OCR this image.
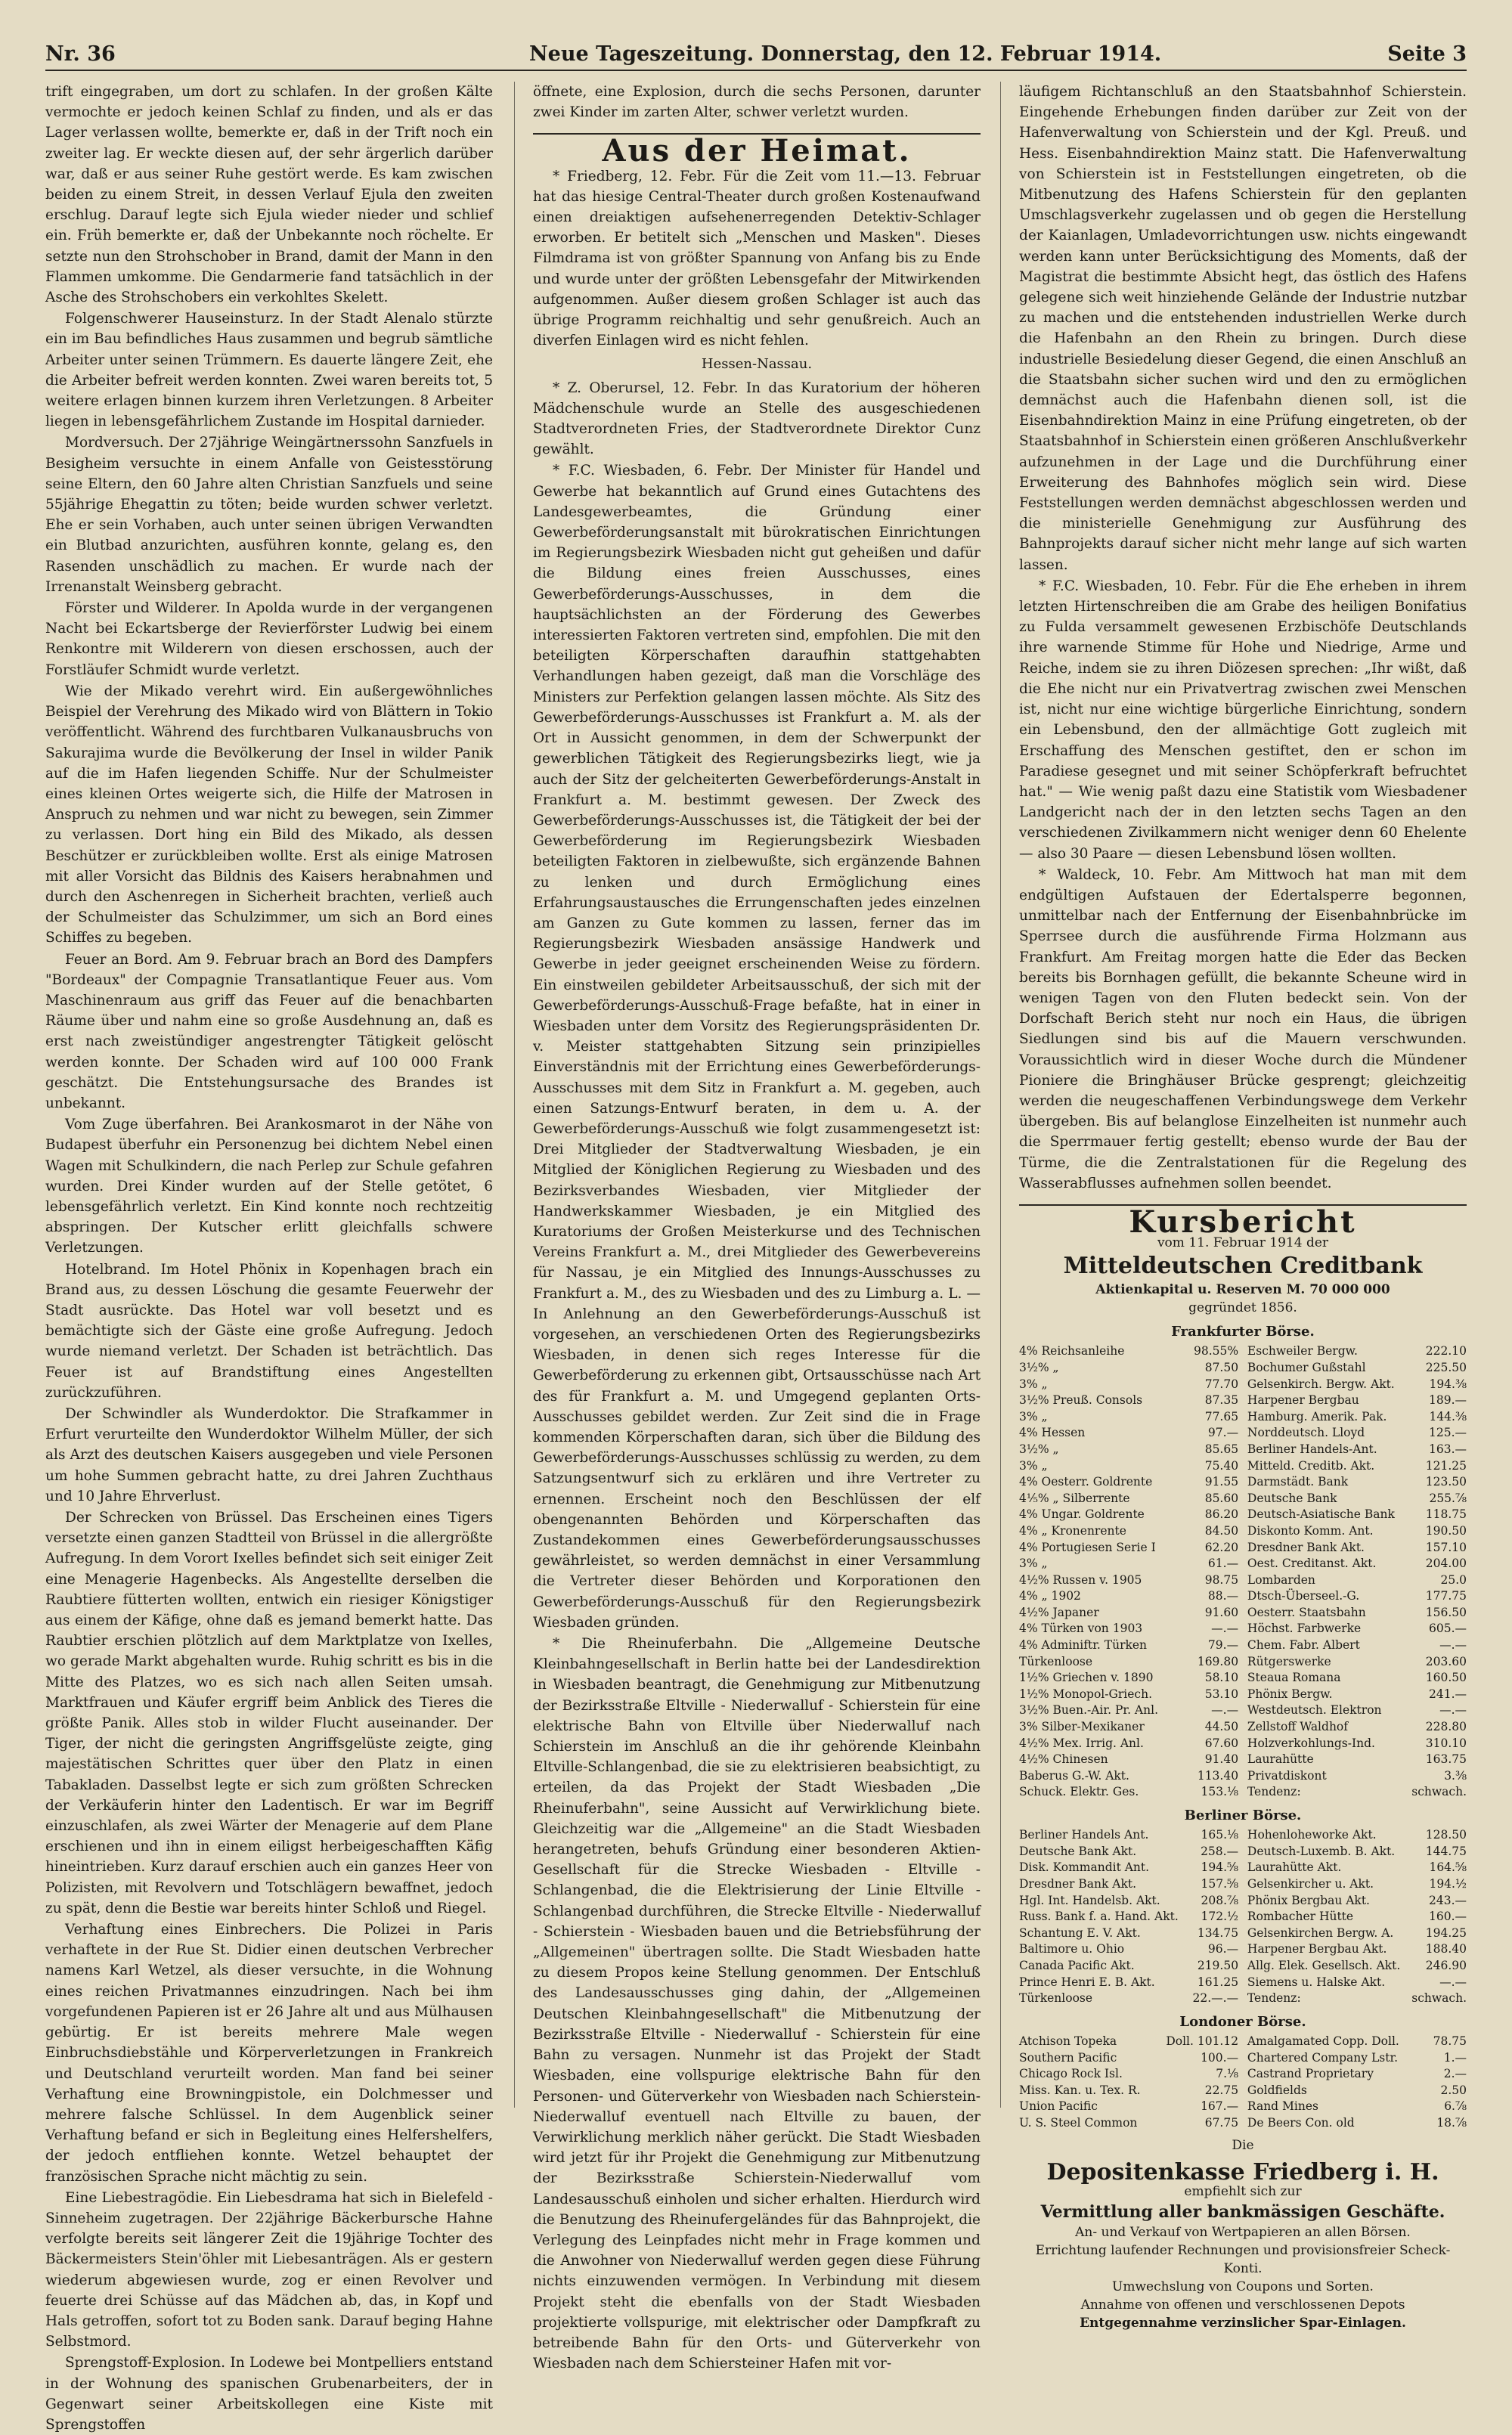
Nr. 36	Neue Tageszeitung. Donnerstag, den 12. Februar 1914.	Seite 3

trift eingegraben, um dort zu schlafen. In der großen Kälte vermochte er jedoch keinen Schlaf zu finden, und als er das Lager verlassen wollte, bemerkte er, daß in der Trift noch ein zweiter lag. Er weckte diesen auf, der sehr ärgerlich darüber war, daß er aus seiner Ruhe gestört werde. Es kam zwischen beiden zu einem Streit, in dessen Verlauf Ejula den zweiten erschlug. Darauf legte sich Ejula wieder nieder und schlief ein. Früh bemerkte er, daß der Unbekannte noch röchelte. Er setzte nun den Strohschober in Brand, damit der Mann in den Flammen umkomme. Die Gendarmerie fand tatsächlich in der Asche des Strohschobers ein verkohltes Skelett.

Folgenschwerer Hauseinsturz. In der Stadt Alenalo stürzte ein im Bau befindliches Haus zusammen und begrub sämtliche Arbeiter unter seinen Trümmern. Es dauerte längere Zeit, ehe die Arbeiter befreit werden konnten. Zwei waren bereits tot, 5 weitere erlagen binnen kurzem ihren Verletzungen. 8 Arbeiter liegen in lebensgefährlichem Zustande im Hospital darnieder.

Mordversuch. Der 27jährige Weingärtnerssohn Sanzfuels in Besigheim versuchte in einem Anfalle von Geistesstörung seine Eltern, den 60 Jahre alten Christian Sanzfuels und seine 55jährige Ehegattin zu töten; beide wurden schwer verletzt. Ehe er sein Vorhaben, auch unter seinen übrigen Verwandten ein Blutbad anzurichten, ausführen konnte, gelang es, den Rasenden unschädlich zu machen. Er wurde nach der Irrenanstalt Weinsberg gebracht.

Förster und Wilderer. In Apolda wurde in der vergangenen Nacht bei Eckartsberge der Revierförster Ludwig bei einem Renkontre mit Wilderern von diesen erschossen, auch der Forstläufer Schmidt wurde verletzt.

Wie der Mikado verehrt wird. Ein außergewöhnliches Beispiel der Verehrung des Mikado wird von Blättern in Tokio veröffentlicht. Während des furchtbaren Vulkanausbruchs von Sakurajima wurde die Bevölkerung der Insel in wilder Panik auf die im Hafen liegenden Schiffe. Nur der Schulmeister eines kleinen Ortes weigerte sich, die Hilfe der Matrosen in Anspruch zu nehmen und war nicht zu bewegen, sein Zimmer zu verlassen. Dort hing ein Bild des Mikado, als dessen Beschützer er zurückbleiben wollte. Erst als einige Matrosen mit aller Vorsicht das Bildnis des Kaisers herabnahmen und durch den Aschenregen in Sicherheit brachten, verließ auch der Schulmeister das Schulzimmer, um sich an Bord eines Schiffes zu begeben.

Feuer an Bord. Am 9. Februar brach an Bord des Dampfers "Bordeaux" der Compagnie Transatlantique Feuer aus. Vom Maschinenraum aus griff das Feuer auf die benachbarten Räume über und nahm eine so große Ausdehnung an, daß es erst nach zweistündiger angestrengter Tätigkeit gelöscht werden konnte. Der Schaden wird auf 100 000 Frank geschätzt. Die Entstehungsursache des Brandes ist unbekannt.

Vom Zuge überfahren. Bei Arankosmarot in der Nähe von Budapest überfuhr ein Personenzug bei dichtem Nebel einen Wagen mit Schulkindern, die nach Perlep zur Schule gefahren wurden. Drei Kinder wurden auf der Stelle getötet, 6 lebensgefährlich verletzt. Ein Kind konnte noch rechtzeitig abspringen. Der Kutscher erlitt gleichfalls schwere Verletzungen.

Hotelbrand. Im Hotel Phönix in Kopenhagen brach ein Brand aus, zu dessen Löschung die gesamte Feuerwehr der Stadt ausrückte. Das Hotel war voll besetzt und es bemächtigte sich der Gäste eine große Aufregung. Jedoch wurde niemand verletzt. Der Schaden ist beträchtlich. Das Feuer ist auf Brandstiftung eines Angestellten zurückzuführen.

Der Schwindler als Wunderdoktor. Die Strafkammer in Erfurt verurteilte den Wunderdoktor Wilhelm Müller, der sich als Arzt des deutschen Kaisers ausgegeben und viele Personen um hohe Summen gebracht hatte, zu drei Jahren Zuchthaus und 10 Jahre Ehrverlust.

Der Schrecken von Brüssel. Das Erscheinen eines Tigers versetzte einen ganzen Stadtteil von Brüssel in die allergrößte Aufregung. In dem Vorort Ixelles befindet sich seit einiger Zeit eine Menagerie Hagenbecks. Als Angestellte derselben die Raubtiere fütterten wollten, entwich ein riesiger Königstiger aus einem der Käfige, ohne daß es jemand bemerkt hatte. Das Raubtier erschien plötzlich auf dem Marktplatze von Ixelles, wo gerade Markt abgehalten wurde. Ruhig schritt es bis in die Mitte des Platzes, wo es sich nach allen Seiten umsah. Marktfrauen und Käufer ergriff beim Anblick des Tieres die größte Panik. Alles stob in wilder Flucht auseinander. Der Tiger, der nicht die geringsten Angriffsgelüste zeigte, ging majestätischen Schrittes quer über den Platz in einen Tabakladen. Dasselbst legte er sich zum größten Schrecken der Verkäuferin hinter den Ladentisch. Er war im Begriff einzuschlafen, als zwei Wärter der Menagerie auf dem Plane erschienen und ihn in einem eiligst herbeigeschafften Käfig hineintrieben. Kurz darauf erschien auch ein ganzes Heer von Polizisten, mit Revolvern und Totschlägern bewaffnet, jedoch zu spät, denn die Bestie war bereits hinter Schloß und Riegel.

Verhaftung eines Einbrechers. Die Polizei in Paris verhaftete in der Rue St. Didier einen deutschen Verbrecher namens Karl Wetzel, als dieser versuchte, in die Wohnung eines reichen Privatmannes einzudringen. Nach bei ihm vorgefundenen Papieren ist er 26 Jahre alt und aus Mülhausen gebürtig. Er ist bereits mehrere Male wegen Einbruchsdiebstähle und Körperverletzungen in Frankreich und Deutschland verurteilt worden. Man fand bei seiner Verhaftung eine Browningpistole, ein Dolchmesser und mehrere falsche Schlüssel. In dem Augenblick seiner Verhaftung befand er sich in Begleitung eines Helfershelfers, der jedoch entfliehen konnte. Wetzel behauptet der französischen Sprache nicht mächtig zu sein.

Eine Liebestragödie. Ein Liebesdrama hat sich in Bielefeld - Sinneheim zugetragen. Der 22jährige Bäckerbursche Hahne verfolgte bereits seit längerer Zeit die 19jährige Tochter des Bäckermeisters Stein'öhler mit Liebesanträgen. Als er gestern wiederum abgewiesen wurde, zog er einen Revolver und feuerte drei Schüsse auf das Mädchen ab, das, in Kopf und Hals getroffen, sofort tot zu Boden sank. Darauf beging Hahne Selbstmord.

Sprengstoff-Explosion. In Lodewe bei Montpelliers entstand in der Wohnung des spanischen Grubenarbeiters, der in Gegenwart seiner Arbeitskollegen eine Kiste mit Sprengstoffen

öffnete, eine Explosion, durch die sechs Personen, darunter zwei Kinder im zarten Alter, schwer verletzt wurden.

Aus der Heimat.

* Friedberg, 12. Febr. Für die Zeit vom 11.—13. Februar hat das hiesige Central-Theater durch großen Kostenaufwand einen dreiaktigen aufsehenerregenden Detektiv-Schlager erworben. Er betitelt sich „Menschen und Masken". Dieses Filmdrama ist von größter Spannung von Anfang bis zu Ende und wurde unter der größten Lebensgefahr der Mitwirkenden aufgenommen. Außer diesem großen Schlager ist auch das übrige Programm reichhaltig und sehr genußreich. Auch an diverfen Einlagen wird es nicht fehlen.

Hessen-Nassau.

* Z. Oberursel, 12. Febr. In das Kuratorium der höheren Mädchenschule wurde an Stelle des ausgeschiedenen Stadtverordneten Fries, der Stadtverordnete Direktor Cunz gewählt.

* F.C. Wiesbaden, 6. Febr. Der Minister für Handel und Gewerbe hat bekanntlich auf Grund eines Gutachtens des Landesgewerbeamtes, die Gründung einer Gewerbeförderungsanstalt mit bürokratischen Einrichtungen im Regierungsbezirk Wiesbaden nicht gut geheißen und dafür die Bildung eines freien Ausschusses, eines Gewerbeförderungs-Ausschusses, in dem die hauptsächlichsten an der Förderung des Gewerbes interessierten Faktoren vertreten sind, empfohlen. Die mit den beteiligten Körperschaften daraufhin stattgehabten Verhandlungen haben gezeigt, daß man die Vorschläge des Ministers zur Perfektion gelangen lassen möchte. Als Sitz des Gewerbeförderungs-Ausschusses ist Frankfurt a. M. als der Ort in Aussicht genommen, in dem der Schwerpunkt der gewerblichen Tätigkeit des Regierungsbezirks liegt, wie ja auch der Sitz der gelcheiterten Gewerbeförderungs-Anstalt in Frankfurt a. M. bestimmt gewesen. Der Zweck des Gewerbeförderungs-Ausschusses ist, die Tätigkeit der bei der Gewerbeförderung im Regierungsbezirk Wiesbaden beteiligten Faktoren in zielbewußte, sich ergänzende Bahnen zu lenken und durch Ermöglichung eines Erfahrungsaustausches die Errungenschaften jedes einzelnen am Ganzen zu Gute kommen zu lassen, ferner das im Regierungsbezirk Wiesbaden ansässige Handwerk und Gewerbe in jeder geeignet erscheinenden Weise zu fördern. Ein einstweilen gebildeter Arbeitsausschuß, der sich mit der Gewerbeförderungs-Ausschuß-Frage befaßte, hat in einer in Wiesbaden unter dem Vorsitz des Regierungspräsidenten Dr. v. Meister stattgehabten Sitzung sein prinzipielles Einverständnis mit der Errichtung eines Gewerbeförderungs-Ausschusses mit dem Sitz in Frankfurt a. M. gegeben, auch einen Satzungs-Entwurf beraten, in dem u. A. der Gewerbeförderungs-Ausschuß wie folgt zusammengesetzt ist: Drei Mitglieder der Stadtverwaltung Wiesbaden, je ein Mitglied der Königlichen Regierung zu Wiesbaden und des Bezirksverbandes Wiesbaden, vier Mitglieder der Handwerkskammer Wiesbaden, je ein Mitglied des Kuratoriums der Großen Meisterkurse und des Technischen Vereins Frankfurt a. M., drei Mitglieder des Gewerbevereins für Nassau, je ein Mitglied des Innungs-Ausschusses zu Frankfurt a. M., des zu Wiesbaden und des zu Limburg a. L. — In Anlehnung an den Gewerbeförderungs-Ausschuß ist vorgesehen, an verschiedenen Orten des Regierungsbezirks Wiesbaden, in denen sich reges Interesse für die Gewerbeförderung zu erkennen gibt, Ortsausschüsse nach Art des für Frankfurt a. M. und Umgegend geplanten Orts-Ausschusses gebildet werden. Zur Zeit sind die in Frage kommenden Körperschaften daran, sich über die Bildung des Gewerbeförderungs-Ausschusses schlüssig zu werden, zu dem Satzungsentwurf sich zu erklären und ihre Vertreter zu ernennen. Erscheint noch den Beschlüssen der elf obengenannten Behörden und Körperschaften das Zustandekommen eines Gewerbeförderungsausschusses gewährleistet, so werden demnächst in einer Versammlung die Vertreter dieser Behörden und Korporationen den Gewerbeförderungs-Ausschuß für den Regierungsbezirk Wiesbaden gründen.

* Die Rheinuferbahn. Die „Allgemeine Deutsche Kleinbahngesellschaft in Berlin hatte bei der Landesdirektion in Wiesbaden beantragt, die Genehmigung zur Mitbenutzung der Bezirksstraße Eltville - Niederwalluf - Schierstein für eine elektrische Bahn von Eltville über Niederwalluf nach Schierstein im Anschluß an die ihr gehörende Kleinbahn Eltville-Schlangenbad, die sie zu elektrisieren beabsichtigt, zu erteilen, da das Projekt der Stadt Wiesbaden „Die Rheinuferbahn", seine Aussicht auf Verwirklichung biete. Gleichzeitig war die „Allgemeine" an die Stadt Wiesbaden herangetreten, behufs Gründung einer besonderen Aktien-Gesellschaft für die Strecke Wiesbaden - Eltville - Schlangenbad, die die Elektrisierung der Linie Eltville - Schlangenbad durchführen, die Strecke Eltville - Niederwalluf - Schierstein - Wiesbaden bauen und die Betriebsführung der „Allgemeinen" übertragen sollte. Die Stadt Wiesbaden hatte zu diesem Propos keine Stellung genommen. Der Entschluß des Landesausschusses ging dahin, der „Allgemeinen Deutschen Kleinbahngesellschaft" die Mitbenutzung der Bezirksstraße Eltville - Niederwalluf - Schierstein für eine Bahn zu versagen. Nunmehr ist das Projekt der Stadt Wiesbaden, eine vollspurige elektrische Bahn für den Personen- und Güterverkehr von Wiesbaden nach Schierstein-Niederwalluf eventuell nach Eltville zu bauen, der Verwirklichung merklich näher gerückt. Die Stadt Wiesbaden wird jetzt für ihr Projekt die Genehmigung zur Mitbenutzung der Bezirksstraße Schierstein-Niederwalluf vom Landesausschuß einholen und sicher erhalten. Hierdurch wird die Benutzung des Rheinufergeländes für das Bahnprojekt, die Verlegung des Leinpfades nicht mehr in Frage kommen und die Anwohner von Niederwalluf werden gegen diese Führung nichts einzuwenden vermögen. In Verbindung mit diesem Projekt steht die ebenfalls von der Stadt Wiesbaden projektierte vollspurige, mit elektrischer oder Dampfkraft zu betreibende Bahn für den Orts- und Güterverkehr von Wiesbaden nach dem Schiersteiner Hafen mit vor-

läufigem Richtanschluß an den Staatsbahnhof Schierstein. Eingehende Erhebungen finden darüber zur Zeit von der Hafenverwaltung von Schierstein und der Kgl. Preuß. und Hess. Eisenbahndirektion Mainz statt. Die Hafenverwaltung von Schierstein ist in Feststellungen eingetreten, ob die Mitbenutzung des Hafens Schierstein für den geplanten Umschlagsverkehr zugelassen und ob gegen die Herstellung der Kaianlagen, Umladevorrichtungen usw. nichts eingewandt werden kann unter Berücksichtigung des Moments, daß der Magistrat die bestimmte Absicht hegt, das östlich des Hafens gelegene sich weit hinziehende Gelände der Industrie nutzbar zu machen und die entstehenden industriellen Werke durch die Hafenbahn an den Rhein zu bringen. Durch diese industrielle Besiedelung dieser Gegend, die einen Anschluß an die Staatsbahn sicher suchen wird und den zu ermöglichen demnächst auch die Hafenbahn dienen soll, ist die Eisenbahndirektion Mainz in eine Prüfung eingetreten, ob der Staatsbahnhof in Schierstein einen größeren Anschlußverkehr aufzunehmen in der Lage und die Durchführung einer Erweiterung des Bahnhofes möglich sein wird. Diese Feststellungen werden demnächst abgeschlossen werden und die ministerielle Genehmigung zur Ausführung des Bahnprojekts darauf sicher nicht mehr lange auf sich warten lassen.

* F.C. Wiesbaden, 10. Febr. Für die Ehe erheben in ihrem letzten Hirtenschreiben die am Grabe des heiligen Bonifatius zu Fulda versammelt gewesenen Erzbischöfe Deutschlands ihre warnende Stimme für Hohe und Niedrige, Arme und Reiche, indem sie zu ihren Diözesen sprechen: „Ihr wißt, daß die Ehe nicht nur ein Privatvertrag zwischen zwei Menschen ist, nicht nur eine wichtige bürgerliche Einrichtung, sondern ein Lebensbund, den der allmächtige Gott zugleich mit Erschaffung des Menschen gestiftet, den er schon im Paradiese gesegnet und mit seiner Schöpferkraft befruchtet hat." — Wie wenig paßt dazu eine Statistik vom Wiesbadener Landgericht nach der in den letzten sechs Tagen an den verschiedenen Zivilkammern nicht weniger denn 60 Ehelente — also 30 Paare — diesen Lebensbund lösen wollten.

* Waldeck, 10. Febr. Am Mittwoch hat man mit dem endgültigen Aufstauen der Edertalsperre begonnen, unmittelbar nach der Entfernung der Eisenbahnbrücke im Sperrsee durch die ausführende Firma Holzmann aus Frankfurt. Am Freitag morgen hatte die Eder das Becken bereits bis Bornhagen gefüllt, die bekannte Scheune wird in wenigen Tagen von den Fluten bedeckt sein. Von der Dorfschaft Berich steht nur noch ein Haus, die übrigen Siedlungen sind bis auf die Mauern verschwunden. Voraussichtlich wird in dieser Woche durch die Mündener Pioniere die Bringhäuser Brücke gesprengt; gleichzeitig werden die neugeschaffenen Verbindungswege dem Verkehr übergeben. Bis auf belanglose Einzelheiten ist nunmehr auch die Sperrmauer fertig gestellt; ebenso wurde der Bau der Türme, die die Zentralstationen für die Regelung des Wasserabflusses aufnehmen sollen beendet.

Kursbericht
vom 11. Februar 1914 der
Mitteldeutschen Creditbank
Aktienkapital u. Reserven M. 70 000 000
gegründet 1856.
Frankfurter Börse.
4% Reichsanleihe	98.55%
3½% „	87.50
3% „	77.70
3½% Preuß. Consols	87.35
3% „	77.65
4% Hessen	97.—
3½% „	85.65
3% „	75.40
4% Oesterr. Goldrente	91.55
4⅕% „ Silberrente	85.60
4% Ungar. Goldrente	86.20
4% „ Kronenrente	84.50
4% Portugiesen Serie I	62.20
3% „	61.—
4½% Russen v. 1905	98.75
4% „ 1902	88.—
4½% Japaner	91.60
4% Türken von 1903	—.—
4% Adminiftr. Türken	79.—
Türkenloose	169.80
1½% Griechen v. 1890	58.10
1½% Monopol-Griech.	53.10
3½% Buen.-Air. Pr. Anl.	—.—
3% Silber-Mexikaner	44.50
4½% Mex. Irrig. Anl.	67.60
4½% Chinesen	91.40
Baberus G.-W. Akt.	113.40
Schuck. Elektr. Ges.	153.⅛
Eschweiler Bergw.	222.10
Bochumer Gußstahl	225.50
Gelsenkirch. Bergw. Akt.	194.⅜
Harpener Bergbau	189.—
Hamburg. Amerik. Pak.	144.⅜
Norddeutsch. Lloyd	125.—
Berliner Handels-Ant.	163.—
Mitteld. Creditb. Akt.	121.25
Darmstädt. Bank	123.50
Deutsche Bank	255.⅞
Deutsch-Asiatische Bank	118.75
Diskonto Komm. Ant.	190.50
Dresdner Bank Akt.	157.10
Oest. Creditanst. Akt.	204.00
Lombarden	25.0
Dtsch-Überseel.-G.	177.75
Oesterr. Staatsbahn	156.50
Höchst. Farbwerke	605.—
Chem. Fabr. Albert	—.—
Rütgerswerke	203.60
Steaua Romana	160.50
Phönix Bergw.	241.—
Westdeutsch. Elektron	—.—
Zellstoff Waldhof	228.80
Holzverkohlungs-Ind.	310.10
Laurahütte	163.75
Privatdiskont	3.⅜
Tendenz:	schwach.
Berliner Börse.
Berliner Handels Ant.	165.⅛
Deutsche Bank Akt.	258.—
Disk. Kommandit Ant.	194.⅝
Dresdner Bank Akt.	157.⅝
Hgl. Int. Handelsb. Akt.	208.⅞
Russ. Bank f. a. Hand. Akt. 172.½
Schantung E. V. Akt.	134.75
Baltimore u. Ohio	96.—
Canada Pacific Akt.	219.50
Prince Henri E. B. Akt.	161.25
Türkenloose	22.—.—
Hohenloheworke Akt.	128.50
Deutsch-Luxemb. B. Akt.	144.75
Laurahütte Akt.	164.⅝
Gelsenkircher u. Akt.	194.½
Phönix Bergbau Akt.	243.—
Rombacher Hütte	160.—
Gelsenkirchen Bergw. A.	194.25
Harpener Bergbau Akt.	188.40
Allg. Elek. Gesellsch. Akt. 246.90
Siemens u. Halske Akt.	—.—
Tendenz:	schwach.
Londoner Börse.
Atchison Topeka	Doll. 101.12
Southern Pacific	100.—
Chicago Rock Isl.	7.⅛
Miss. Kan. u. Tex. R.	22.75
Union Pacific	167.—
U. S. Steel Common	67.75
Amalgamated Copp. Doll.	78.75
Chartered Company Lstr.	1.—
Castrand Proprietary	2.—
Goldfields	2.50
Rand Mines	6.⅞
De Beers Con. old	18.⅞
Die
Depositenkasse Friedberg i. H.
empfiehlt sich zur
Vermittlung aller bankmässigen Geschäfte.
An- und Verkauf von Wertpapieren an allen Börsen.
Errichtung laufender Rechnungen und provisionsfreier Scheck-Konti.
Umwechslung von Coupons und Sorten.
Annahme von offenen und verschlossenen Depots
Entgegennahme verzinslicher Spar-Einlagen.
